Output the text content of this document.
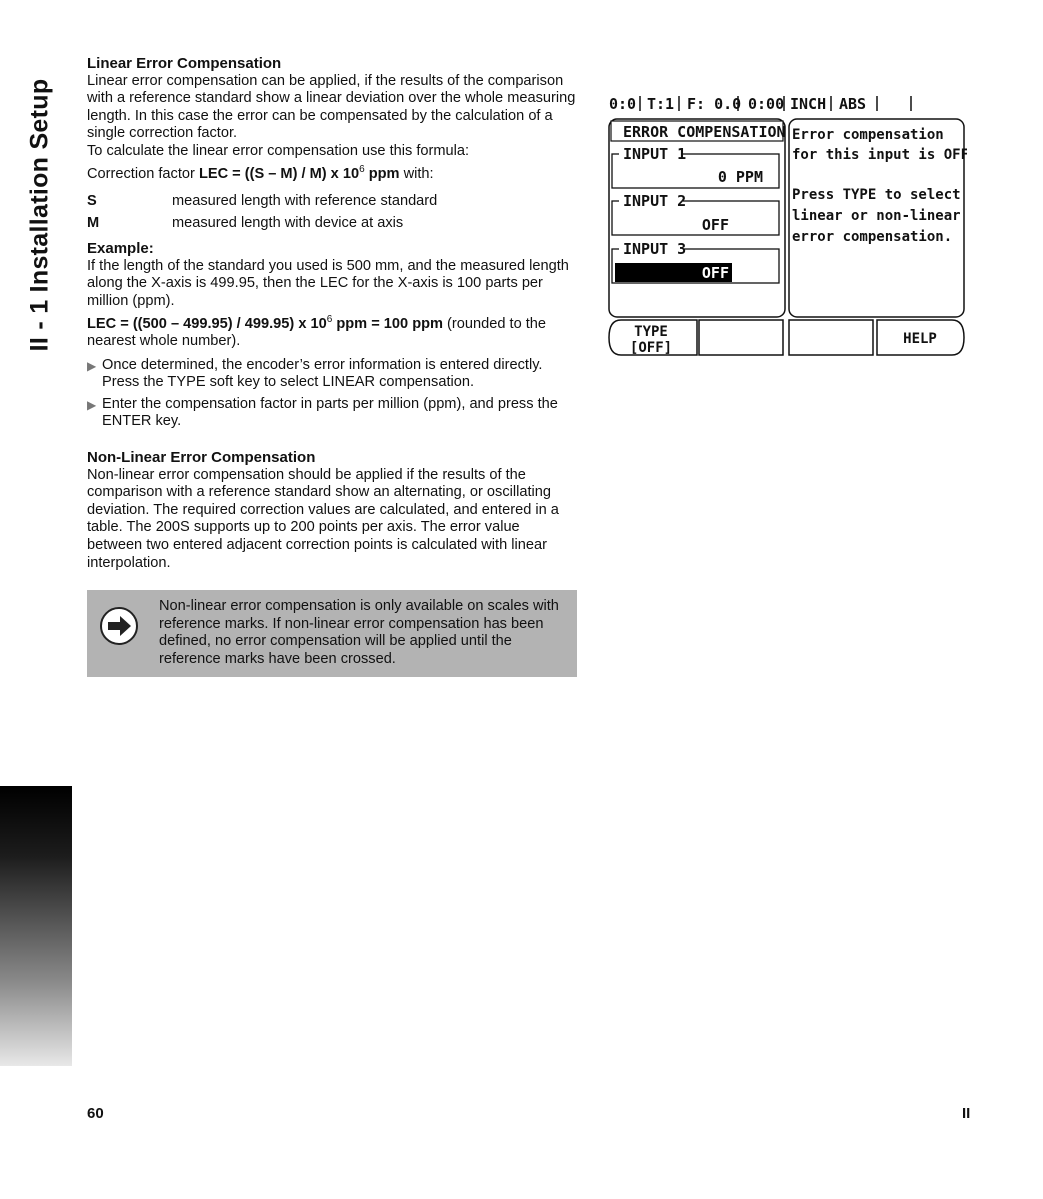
II - 1 Installation Setup
Linear Error Compensation

Linear error compensation can be applied, if the results of the comparison with a reference standard show a linear deviation over the whole measuring length. In this case the error can be compensated by the calculation of a single correction factor.

To calculate the linear error compensation use this formula:

Correction factor LEC = ((S – M) / M) x $10^6$ ppm with:

S	measured length with reference standard
M	measured length with device at axis
Example:

If the length of the standard you used is 500 mm, and the measured length along the X-axis is 499.95, then the LEC for the X-axis is 100 parts per million (ppm).

LEC = ((500 – 499.95) / 499.95) x $10^6$ ppm = 100 ppm (rounded to the nearest whole number).

▶ Once determined, the encoder’s error information is entered directly. Press the TYPE soft key to select LINEAR compensation.
▶ Enter the compensation factor in parts per million (ppm), and press the ENTER key.
Non-Linear Error Compensation

Non-linear error compensation should be applied if the results of the comparison with a reference standard show an alternating, or oscillating deviation. The required correction values are calculated, and entered in a table. The 200S supports up to 200 points per axis. The error value between two entered adjacent correction points is calculated with linear interpolation.

Non-linear error compensation is only available on scales with reference marks. If non-linear error compensation has been defined, no error compensation will be applied until the reference marks have been crossed.
0:0 T:1 F: 0.0 0:00 INCH ABS
ERROR COMPENSATION
INPUT 1
0 PPM
INPUT 2
OFF
INPUT 3
OFF
Error compensation
for this input is OFF.
Press TYPE to select
linear or non-linear
error compensation.
TYPE
[OFF]
HELP
60	II
